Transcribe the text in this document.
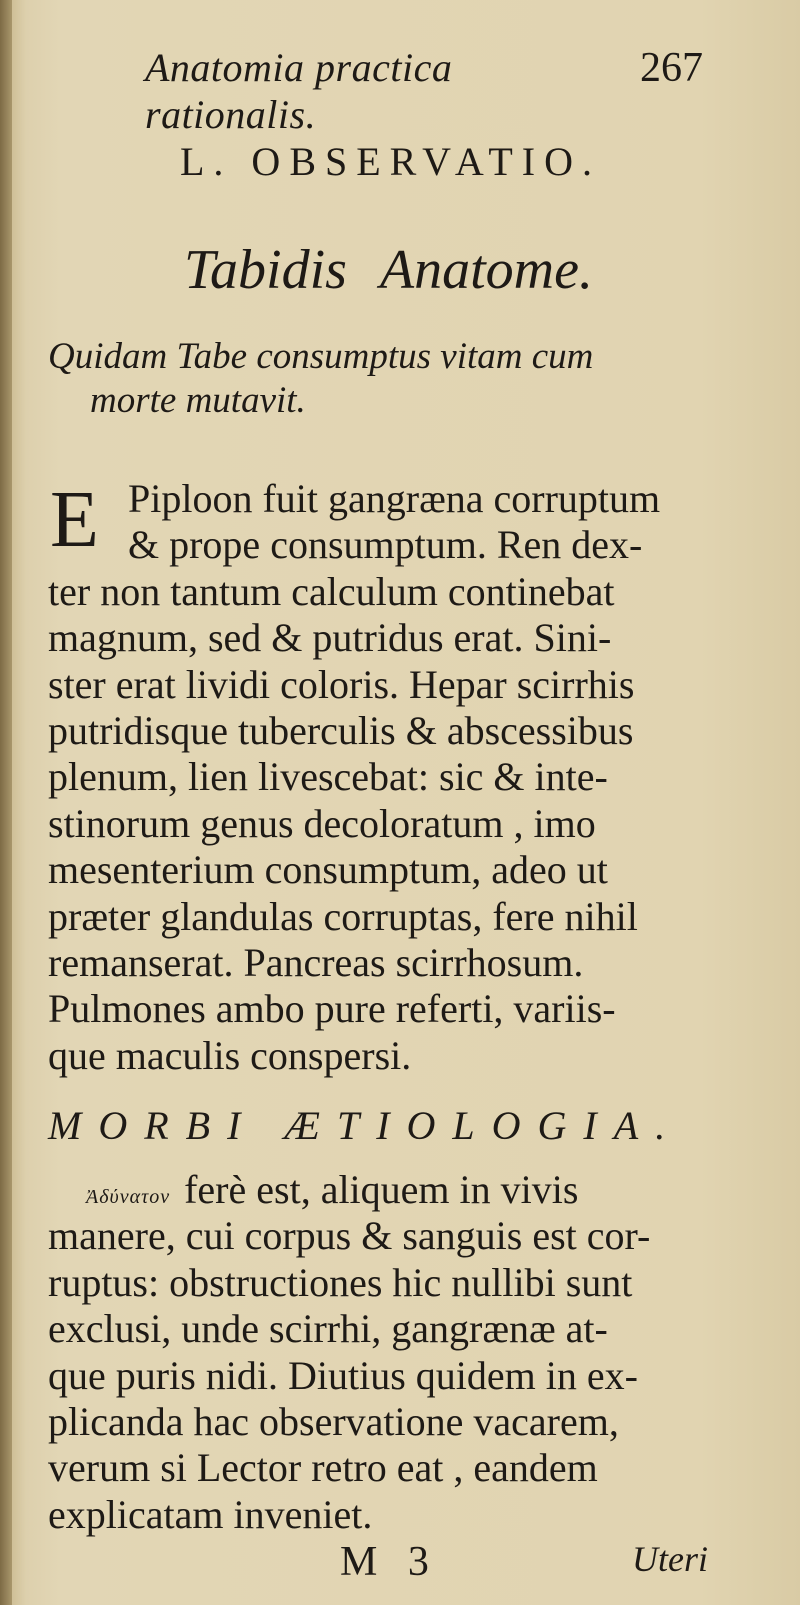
Anatomia practica rationalis.
267
L. OBSERVATIO.
Tabidis Anatome.
Quidam Tabe consumptus vitam cum
morte mutavit.
E Piploon fuit gangræna corruptum
& prope consumptum. Ren dex-
ter non tantum calculum continebat
magnum, sed & putridus erat. Sini-
ster erat lividi coloris. Hepar scirrhis
putridisque tuberculis & abscessibus
plenum, lien livescebat: sic & inte-
stinorum genus decoloratum , imo
mesenterium consumptum, adeo ut
præter glandulas corruptas, fere nihil
remanserat. Pancreas scirrhosum.
Pulmones ambo pure referti, variis-
que maculis conspersi.
MORBI ÆTIOLOGIA.
Ἀδύνατον ferè est, aliquem in vivis
manere, cui corpus & sanguis est cor-
ruptus: obstructiones hic nullibi sunt
exclusi, unde scirrhi, gangrænæ at-
que puris nidi. Diutius quidem in ex-
plicanda hac observatione vacarem,
verum si Lector retro eat , eandem
explicatam inveniet.
M 3	Uteri
